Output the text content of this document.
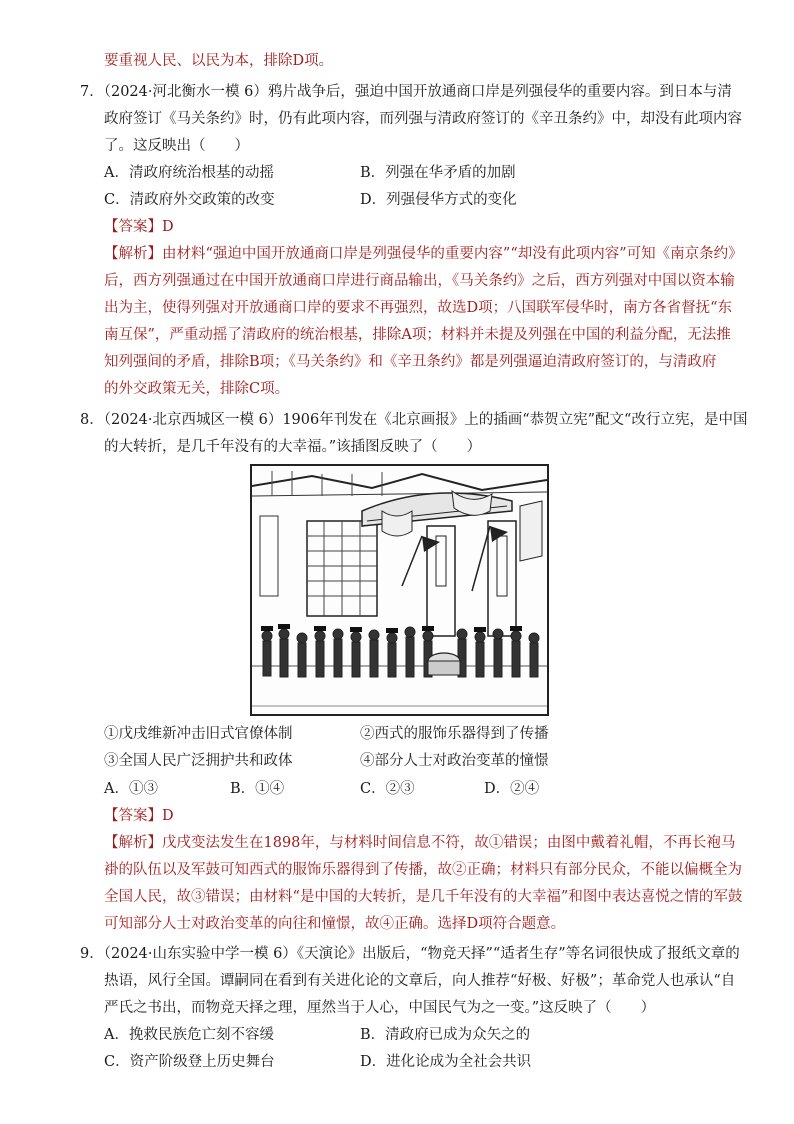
要重视人民、以民为本，排除D项。
7．（2024·河北衡水一模 6）鸦片战争后，强迫中国开放通商口岸是列强侵华的重要内容。到日本与清
政府签订《马关条约》时，仍有此项内容，而列强与清政府签订的《辛丑条约》中，却没有此项内容
了。这反映出（　　）
A．清政府统治根基的动摇	B．列强在华矛盾的加剧
C．清政府外交政策的改变	D．列强侵华方式的变化
【答案】D
【解析】由材料“强迫中国开放通商口岸是列强侵华的重要内容”“却没有此项内容”可知《南京条约》
后，西方列强通过在中国开放通商口岸进行商品输出，《马关条约》之后，西方列强对中国以资本输
出为主，使得列强对开放通商口岸的要求不再强烈，故选D项；八国联军侵华时，南方各省督抚“东
南互保”，严重动摇了清政府的统治根基，排除A项；材料并未提及列强在中国的利益分配，无法推
知列强间的矛盾，排除B项；《马关条约》和《辛丑条约》都是列强逼迫清政府签订的，与清政府
的外交政策无关，排除C项。
8．（2024·北京西城区一模 6）1906年刊发在《北京画报》上的插画“恭贺立宪”配文“改行立宪，是中国
的大转折，是几千年没有的大幸福。”该插图反映了（　　）
①戊戌维新冲击旧式官僚体制	②西式的服饰乐器得到了传播
③全国人民广泛拥护共和政体	④部分人士对政治变革的憧憬
A．①③	B．①④	C．②③	D．②④
【答案】D
【解析】戊戌变法发生在1898年，与材料时间信息不符，故①错误；由图中戴着礼帽，不再长袍马
褂的队伍以及军鼓可知西式的服饰乐器得到了传播，故②正确；材料只有部分民众，不能以偏概全为
全国人民，故③错误；由材料“是中国的大转折，是几千年没有的大幸福”和图中表达喜悦之情的军鼓
可知部分人士对政治变革的向往和憧憬，故④正确。选择D项符合题意。
9．（2024·山东实验中学一模 6）《天演论》出版后，“物竞天择”“适者生存”等名词很快成了报纸文章的
热语，风行全国。谭嗣同在看到有关进化论的文章后，向人推荐“好极、好极”；革命党人也承认“自
严氏之书出，而物竞天择之理，厘然当于人心，中国民气为之一变。”这反映了（　　）
A．挽救民族危亡刻不容缓	B．清政府已成为众矢之的
C．资产阶级登上历史舞台	D．进化论成为全社会共识
